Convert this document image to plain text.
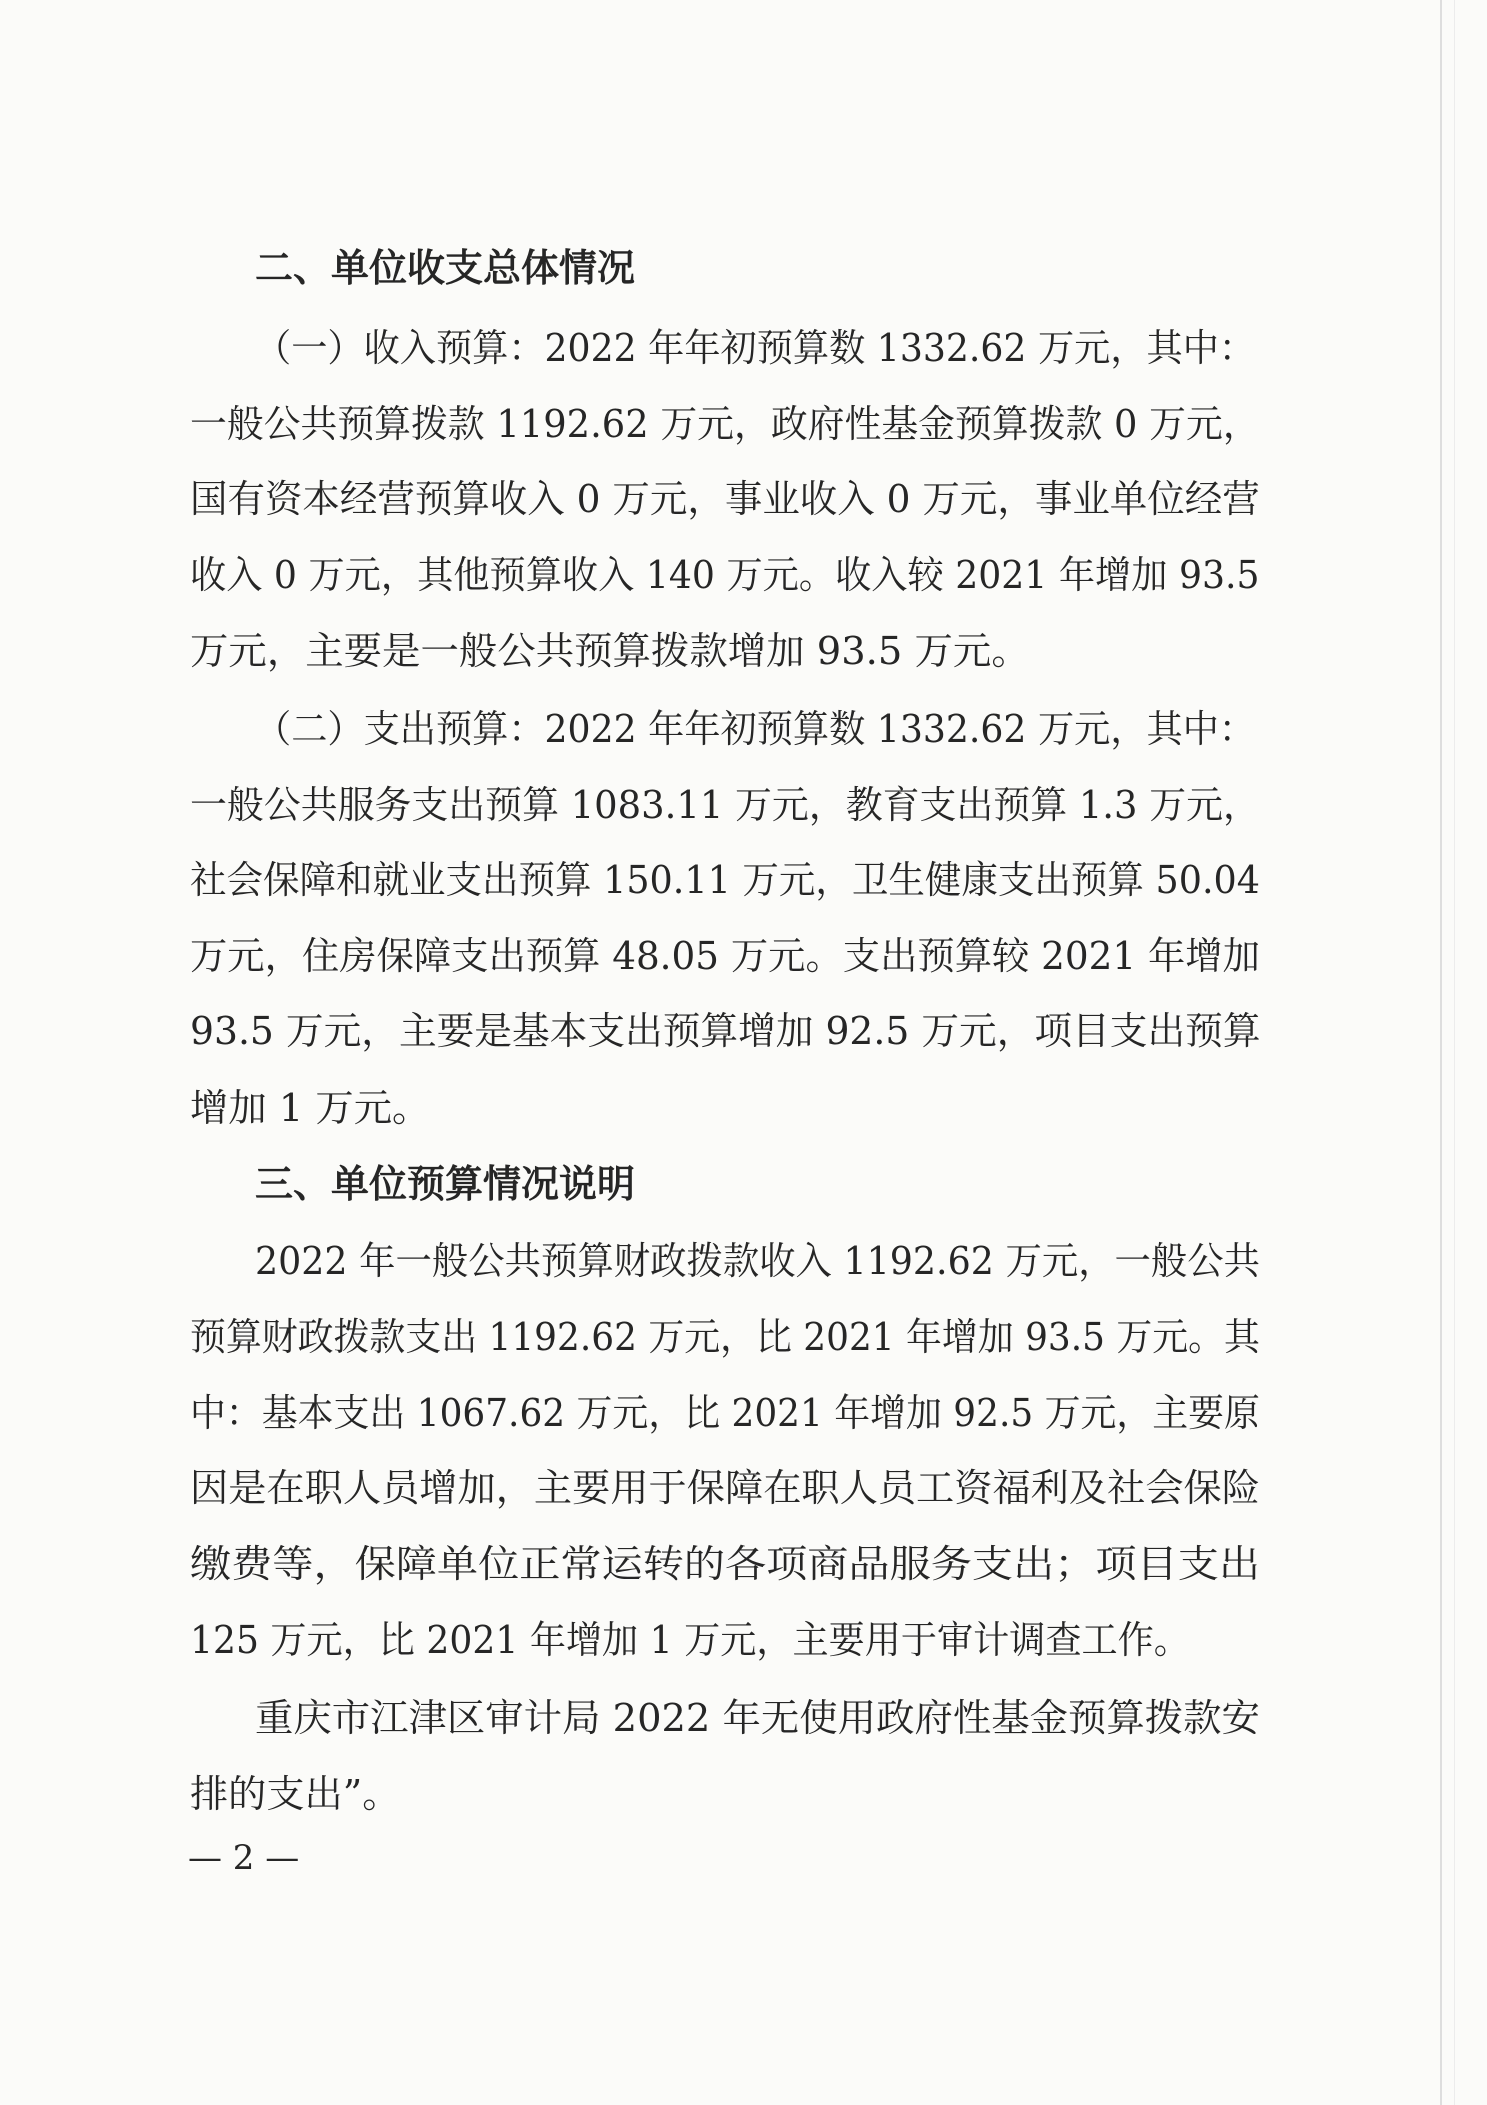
二、单位收支总体情况
（一）收入预算：2022 年年初预算数 1332.62 万元，其中：
一般公共预算拨款 1192.62 万元，政府性基金预算拨款 0 万元，
国有资本经营预算收入 0 万元，事业收入 0 万元，事业单位经营
收入 0 万元，其他预算收入 140 万元。收入较 2021 年增加 93.5
万元，主要是一般公共预算拨款增加 93.5 万元。
（二）支出预算：2022 年年初预算数 1332.62 万元，其中：
一般公共服务支出预算 1083.11 万元，教育支出预算 1.3 万元，
社会保障和就业支出预算 150.11 万元，卫生健康支出预算 50.04
万元，住房保障支出预算 48.05 万元。支出预算较 2021 年增加
93.5 万元，主要是基本支出预算增加 92.5 万元，项目支出预算
增加 1 万元。
三、单位预算情况说明
2022 年一般公共预算财政拨款收入 1192.62 万元，一般公共
预算财政拨款支出 1192.62 万元，比 2021 年增加 93.5 万元。其
中：基本支出 1067.62 万元，比 2021 年增加 92.5 万元，主要原
因是在职人员增加，主要用于保障在职人员工资福利及社会保险
缴费等，保障单位正常运转的各项商品服务支出；项目支出
125 万元，比 2021 年增加 1 万元，主要用于审计调查工作。
重庆市江津区审计局 2022 年无使用政府性基金预算拨款安
排的支出”。
— 2 —
